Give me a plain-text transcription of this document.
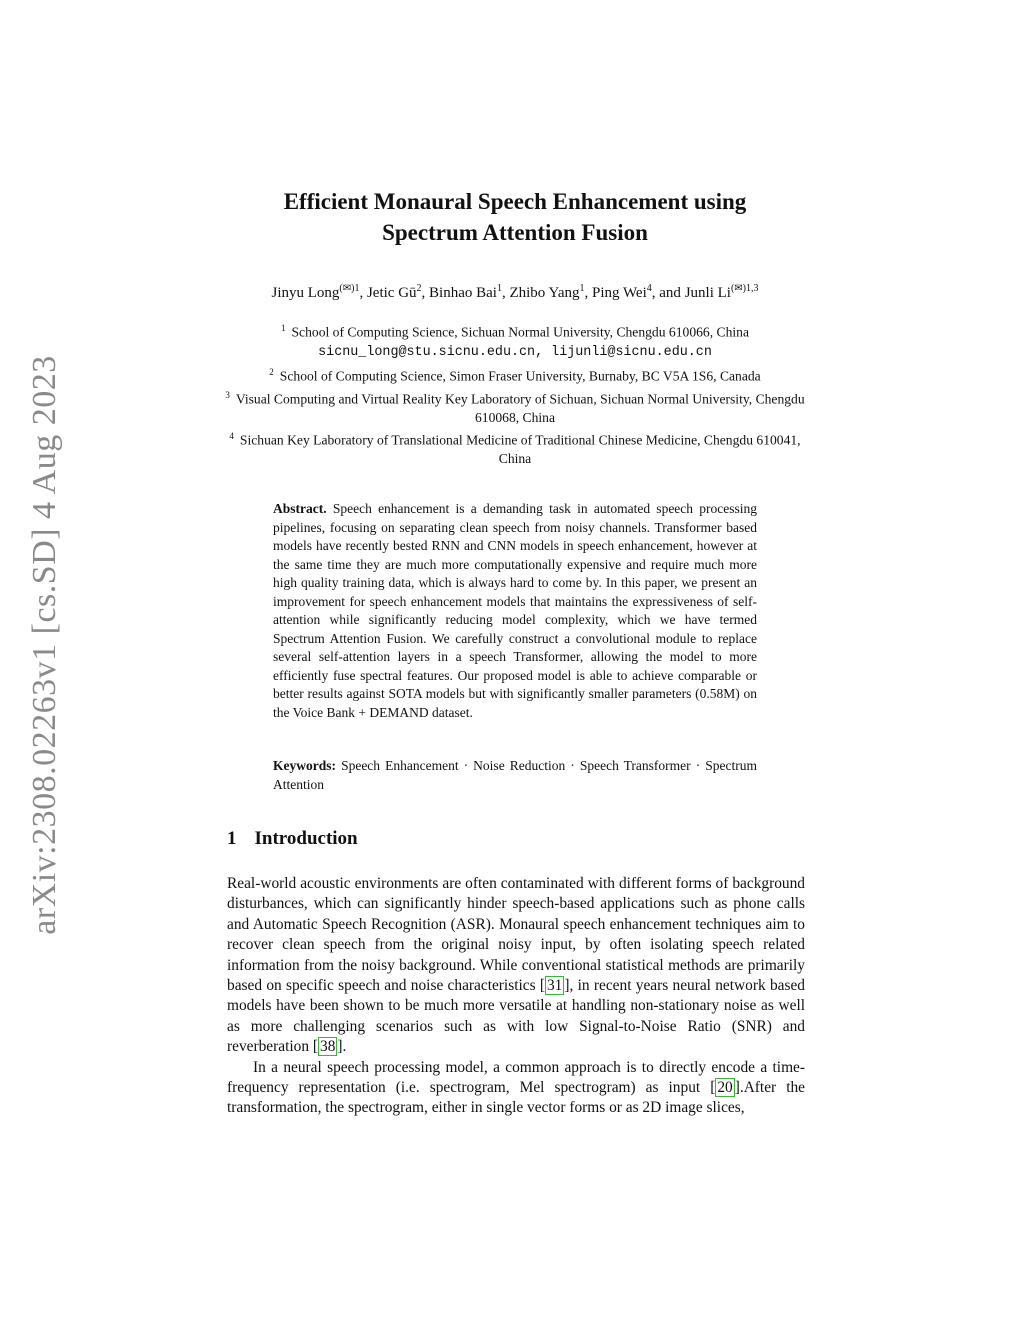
arXiv:2308.02263v1 [cs.SD] 4 Aug 2023
Efficient Monaural Speech Enhancement using
Spectrum Attention Fusion
Jinyu Long$^{(✉)1}$, Jetic $Gū^2$, Binhao Bai$^1$, Zhibo Yang$^1$, Ping Wei$^4$, and Junli $Li^{(✉)1,3}$
$^1$ School of Computing Science, Sichuan Normal University, Chengdu 610066, China
sicnu_long@stu.sicnu.edu.cn, lijunli@sicnu.edu.cn
$^2$ School of Computing Science, Simon Fraser University, Burnaby, BC V5A 1S6, Canada
$^3$ Visual Computing and Virtual Reality Key Laboratory of Sichuan, Sichuan Normal University, Chengdu 610068, China
$^4$ Sichuan Key Laboratory of Translational Medicine of Traditional Chinese Medicine, Chengdu 610041, China
Abstract. Speech enhancement is a demanding task in automated speech processing pipelines, focusing on separating clean speech from noisy channels. Transformer based models have recently bested RNN and CNN models in speech enhancement, however at the same time they are much more computationally expensive and require much more high quality training data, which is always hard to come by. In this paper, we present an improvement for speech enhancement models that maintains the expressiveness of self-attention while significantly reducing model complexity, which we have termed Spectrum Attention Fusion. We carefully construct a convolutional module to replace several self-attention layers in a speech Transformer, allowing the model to more efficiently fuse spectral features. Our proposed model is able to achieve comparable or better results against SOTA models but with significantly smaller parameters (0.58M) on the Voice Bank + DEMAND dataset.
Keywords: Speech Enhancement · Noise Reduction · Speech Transformer · Spectrum Attention
1 Introduction

Real-world acoustic environments are often contaminated with different forms of background disturbances, which can significantly hinder speech-based applications such as phone calls and Automatic Speech Recognition (ASR). Monaural speech enhancement techniques aim to recover clean speech from the original noisy input, by often isolating speech related information from the noisy background. While conventional statistical methods are primarily based on specific speech and noise characteristics [ 31 ], in recent years neural network based models have been shown to be much more versatile at handling non-stationary noise as well as more challenging scenarios such as with low Signal-to-Noise Ratio (SNR) and reverberation [ 38 ].

In a neural speech processing model, a common approach is to directly encode a time-frequency representation (i.e. spectrogram, Mel spectrogram) as input [ 20 ].After the transformation, the spectrogram, either in single vector forms or as 2D image slices,
